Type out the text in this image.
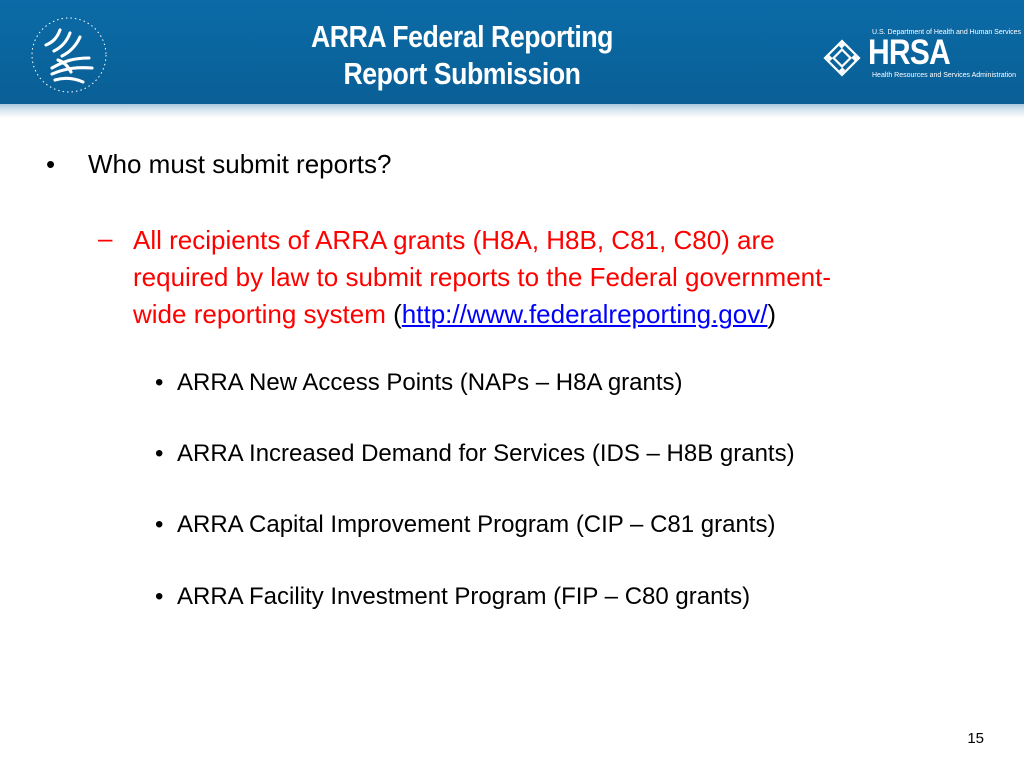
ARRA Federal Reporting
Report Submission
U.S. Department of Health and Human Services
HRSA
Health Resources and Services Administration
• Who must submit reports?
– All recipients of ARRA grants (H8A, H8B, C81, C80) are
required by law to submit reports to the Federal government-
wide reporting system (http://www.federalreporting.gov/)
• ARRA New Access Points (NAPs – H8A grants)
• ARRA Increased Demand for Services (IDS – H8B grants)
• ARRA Capital Improvement Program (CIP – C81 grants)
• ARRA Facility Investment Program (FIP – C80 grants)
15
